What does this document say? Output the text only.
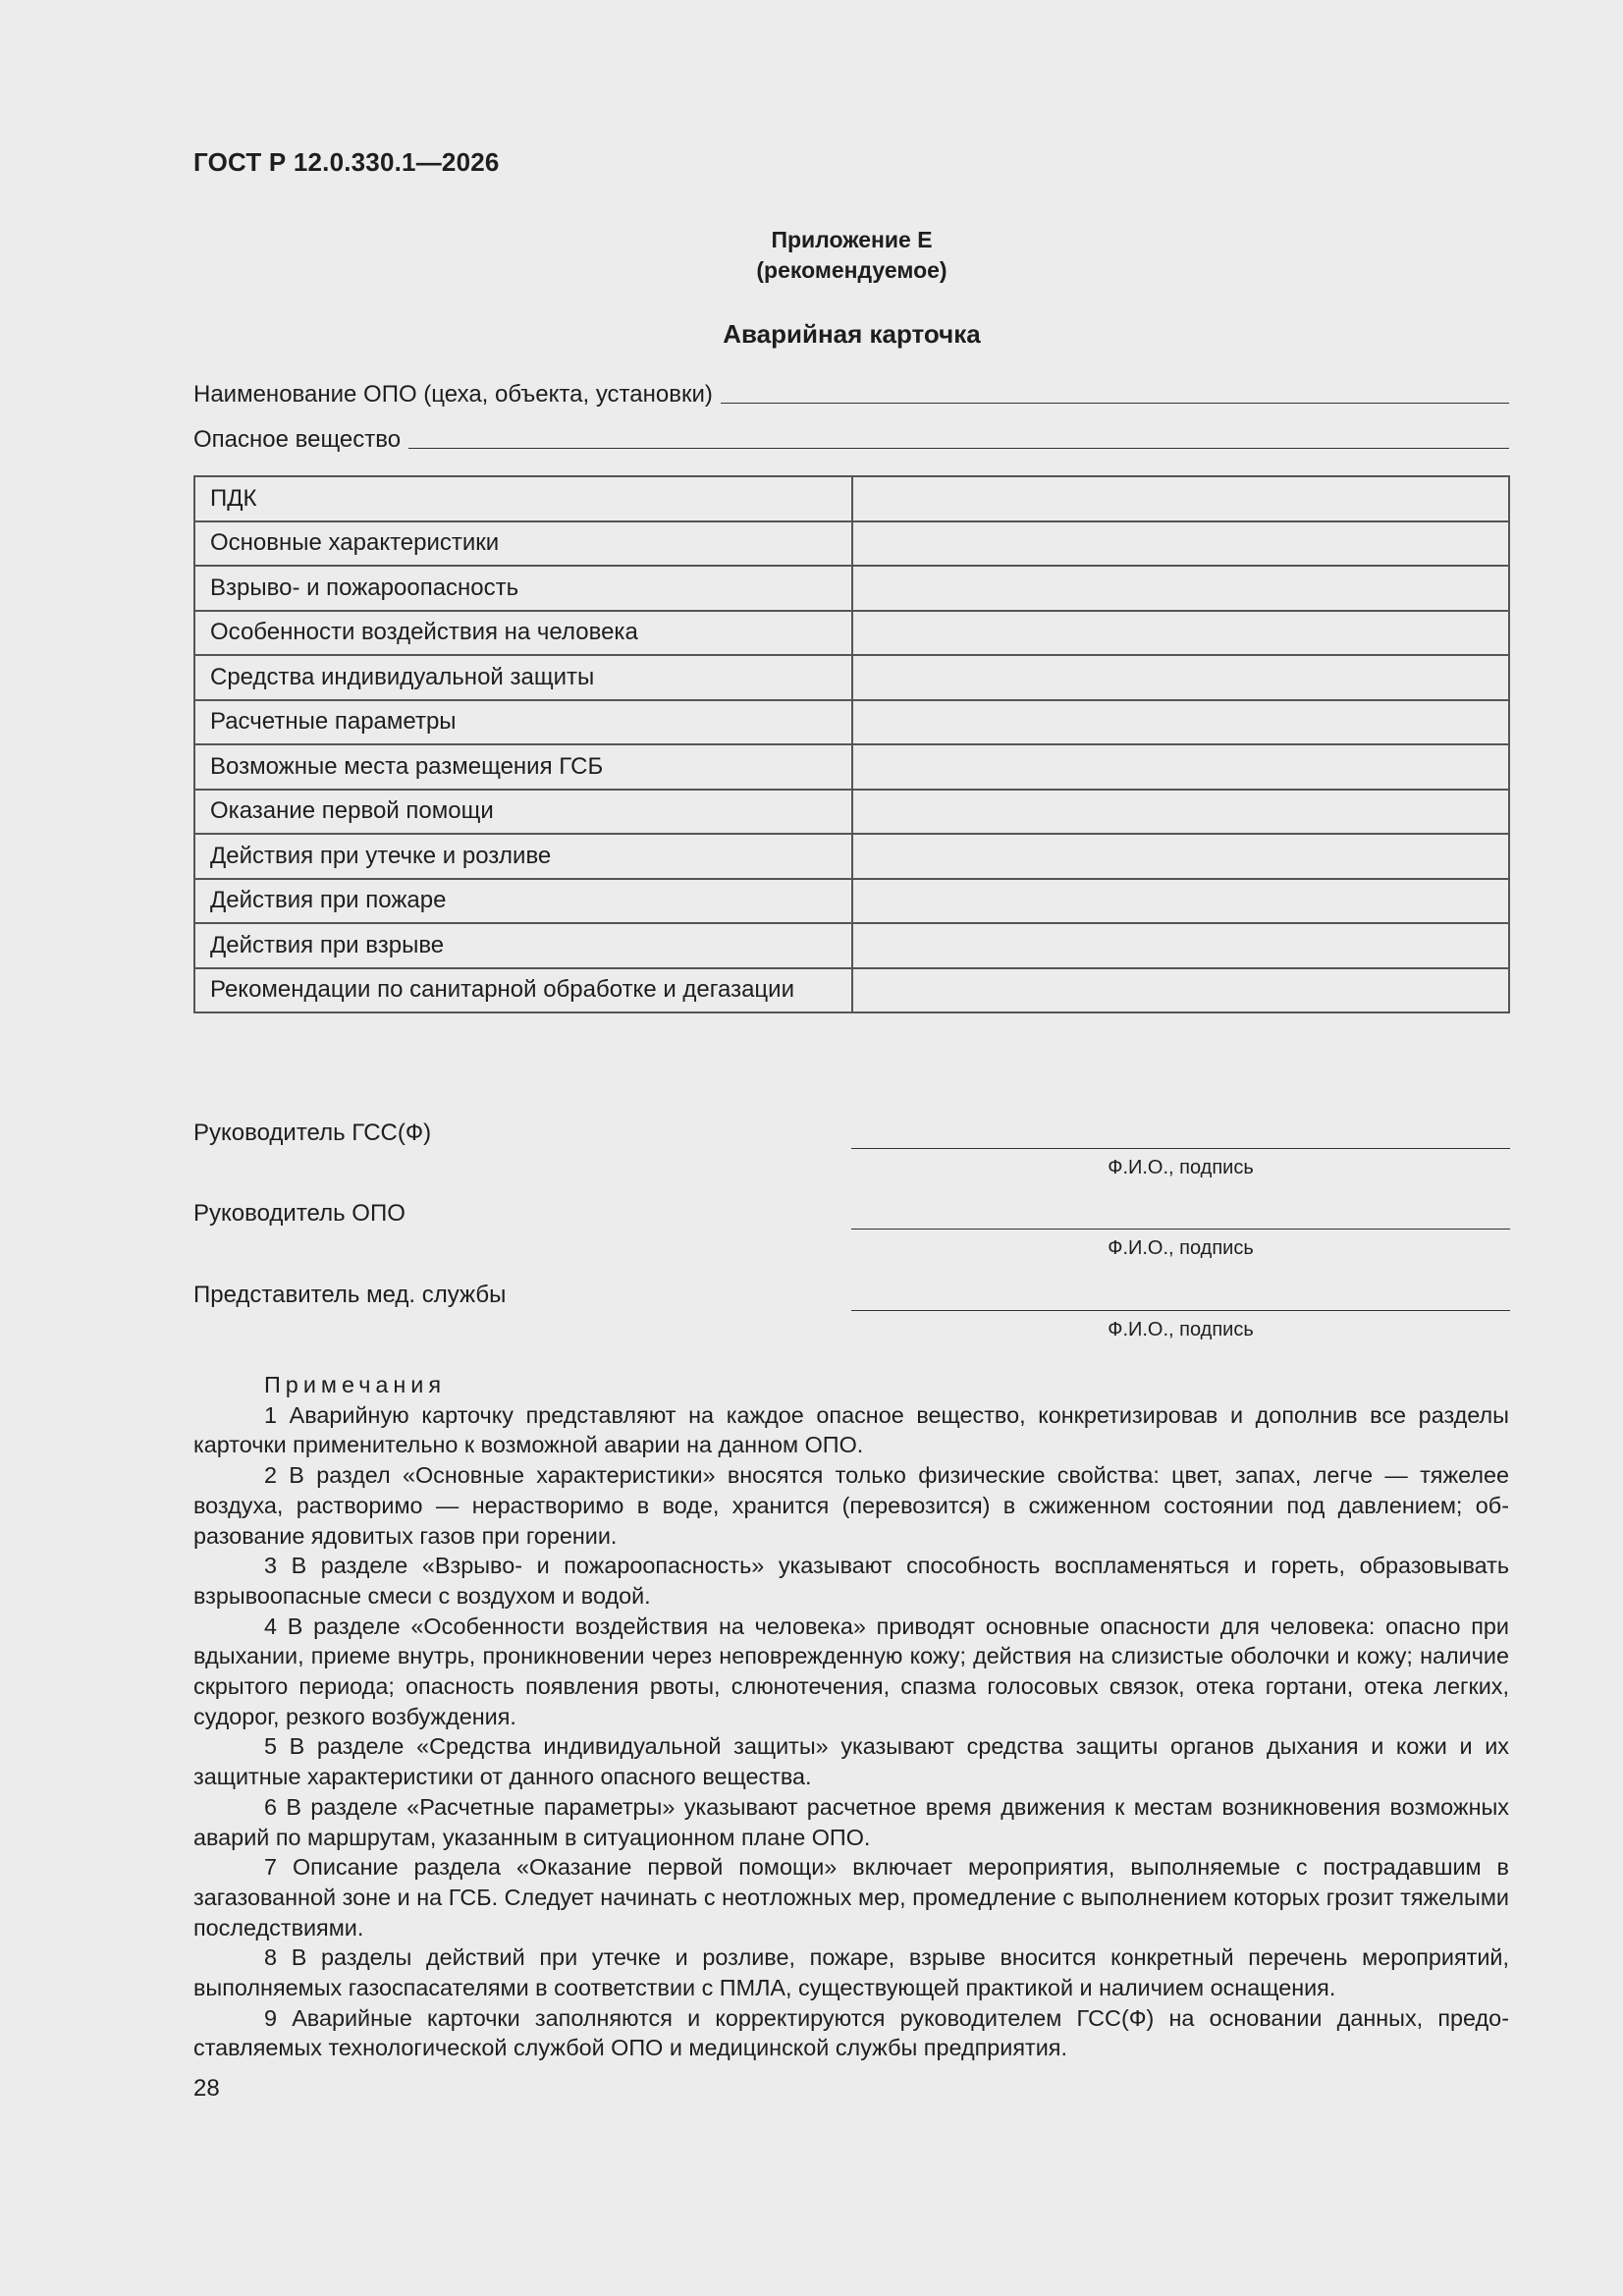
ГОСТ Р 12.0.330.1—2026
Приложение Е
(рекомендуемое)
Аварийная карточка
Наименование ОПО (цеха, объекта, установки)
Опасное вещество
ПДК	
Основные характеристики	
Взрыво- и пожароопасность	
Особенности воздействия на человека	
Средства индивидуальной защиты	
Расчетные параметры	
Возможные места размещения ГСБ	
Оказание первой помощи	
Действия при утечке и розливе	
Действия при пожаре	
Действия при взрыве	
Рекомендации по санитарной обработке и дегазации	
Руководитель ГСС(Ф)
Ф.И.О., подпись
Руководитель ОПО
Ф.И.О., подпись
Представитель мед. службы
Ф.И.О., подпись
Примечания

1 Аварийную карточку представляют на каждое опасное вещество, конкретизировав и дополнив все разделы карточки применительно к возможной аварии на данном ОПО.

2 В раздел «Основные характеристики» вносятся только физические свойства: цвет, запах, легче — тяжелее воздуха, растворимо — нерастворимо в воде, хранится (перевозится) в сжиженном состоянии под давлением; образование ядовитых газов при горении.

3 В разделе «Взрыво- и пожароопасность» указывают способность воспламеняться и гореть, образовывать взрывоопасные смеси с воздухом и водой.

4 В разделе «Особенности воздействия на человека» приводят основные опасности для человека: опасно при вдыхании, приеме внутрь, проникновении через неповрежденную кожу; действия на слизистые оболочки и кожу; наличие скрытого периода; опасность появления рвоты, слюнотечения, спазма голосовых связок, отека гортани, отека легких, судорог, резкого возбуждения.

5 В разделе «Средства индивидуальной защиты» указывают средства защиты органов дыхания и кожи и их защитные характеристики от данного опасного вещества.

6 В разделе «Расчетные параметры» указывают расчетное время движения к местам возникновения возможных аварий по маршрутам, указанным в ситуационном плане ОПО.

7 Описание раздела «Оказание первой помощи» включает мероприятия, выполняемые с пострадавшим в загазованной зоне и на ГСБ. Следует начинать с неотложных мер, промедление с выполнением которых грозит тяжелыми последствиями.

8 В разделы действий при утечке и розливе, пожаре, взрыве вносится конкретный перечень мероприятий, выполняемых газоспасателями в соответствии с ПМЛА, существующей практикой и наличием оснащения.

9 Аварийные карточки заполняются и корректируются руководителем ГСС(Ф) на основании данных, предоставляемых технологической службой ОПО и медицинской службы предприятия.

28
